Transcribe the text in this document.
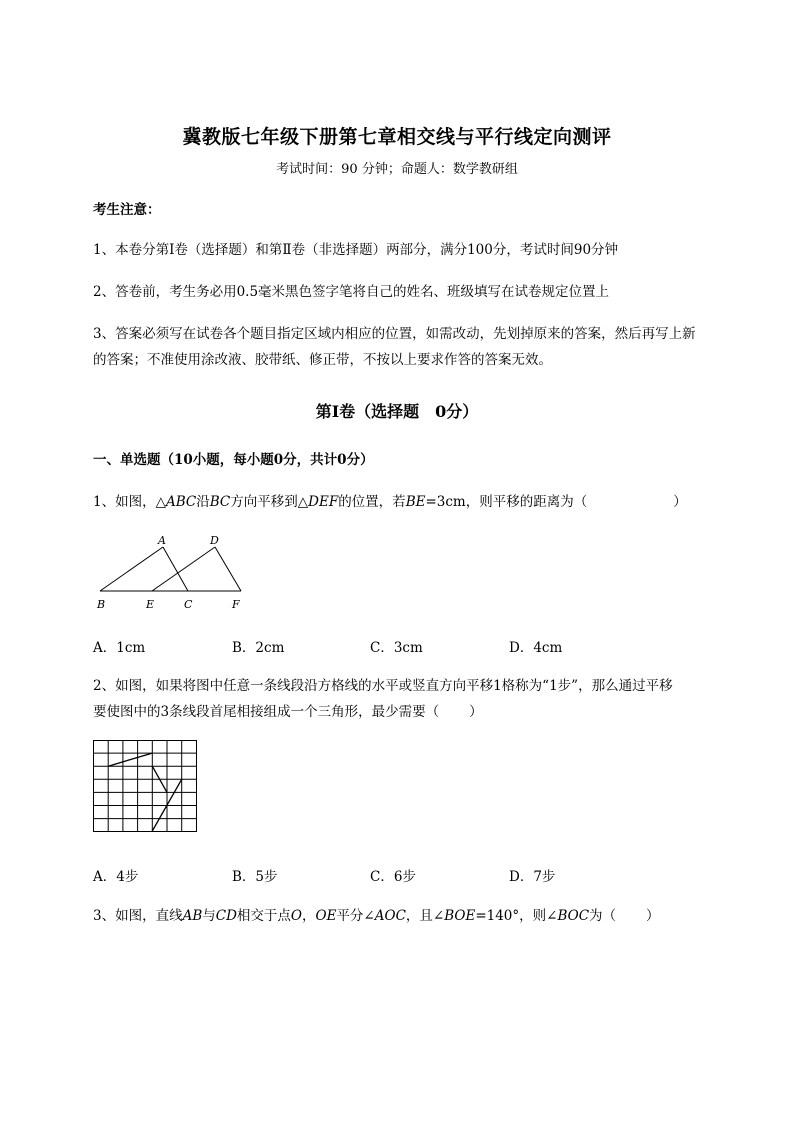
冀教版七年级下册第七章相交线与平行线定向测评
考试时间：90 分钟；命题人：数学教研组
考生注意：
1、本卷分第I卷（选择题）和第Ⅱ卷（非选择题）两部分，满分100分，考试时间90分钟
2、答卷前，考生务必用0.5毫米黑色签字笔将自己的姓名、班级填写在试卷规定位置上
3、答案必须写在试卷各个题目指定区域内相应的位置，如需改动，先划掉原来的答案，然后再写上新
的答案；不准使用涂改液、胶带纸、修正带，不按以上要求作答的答案无效。
第I卷（选择题　0分）
一、单选题（10小题，每小题0分，共计0分）
1、如图，△ABC沿BC方向平移到△DEF的位置，若BE=3cm，则平移的距离为（	）
A	D
B	E	C	F
A．1cm	B．2cm	C．3cm	D．4cm
2、如图，如果将图中任意一条线段沿方格线的水平或竖直方向平移1格称为“1步”，那么通过平移
要使图中的3条线段首尾相接组成一个三角形，最少需要（ ）
A．4步	B．5步	C．6步	D．7步
3、如图，直线AB与CD相交于点O，OE平分∠AOC，且∠BOE=140°，则∠BOC为（ ）
